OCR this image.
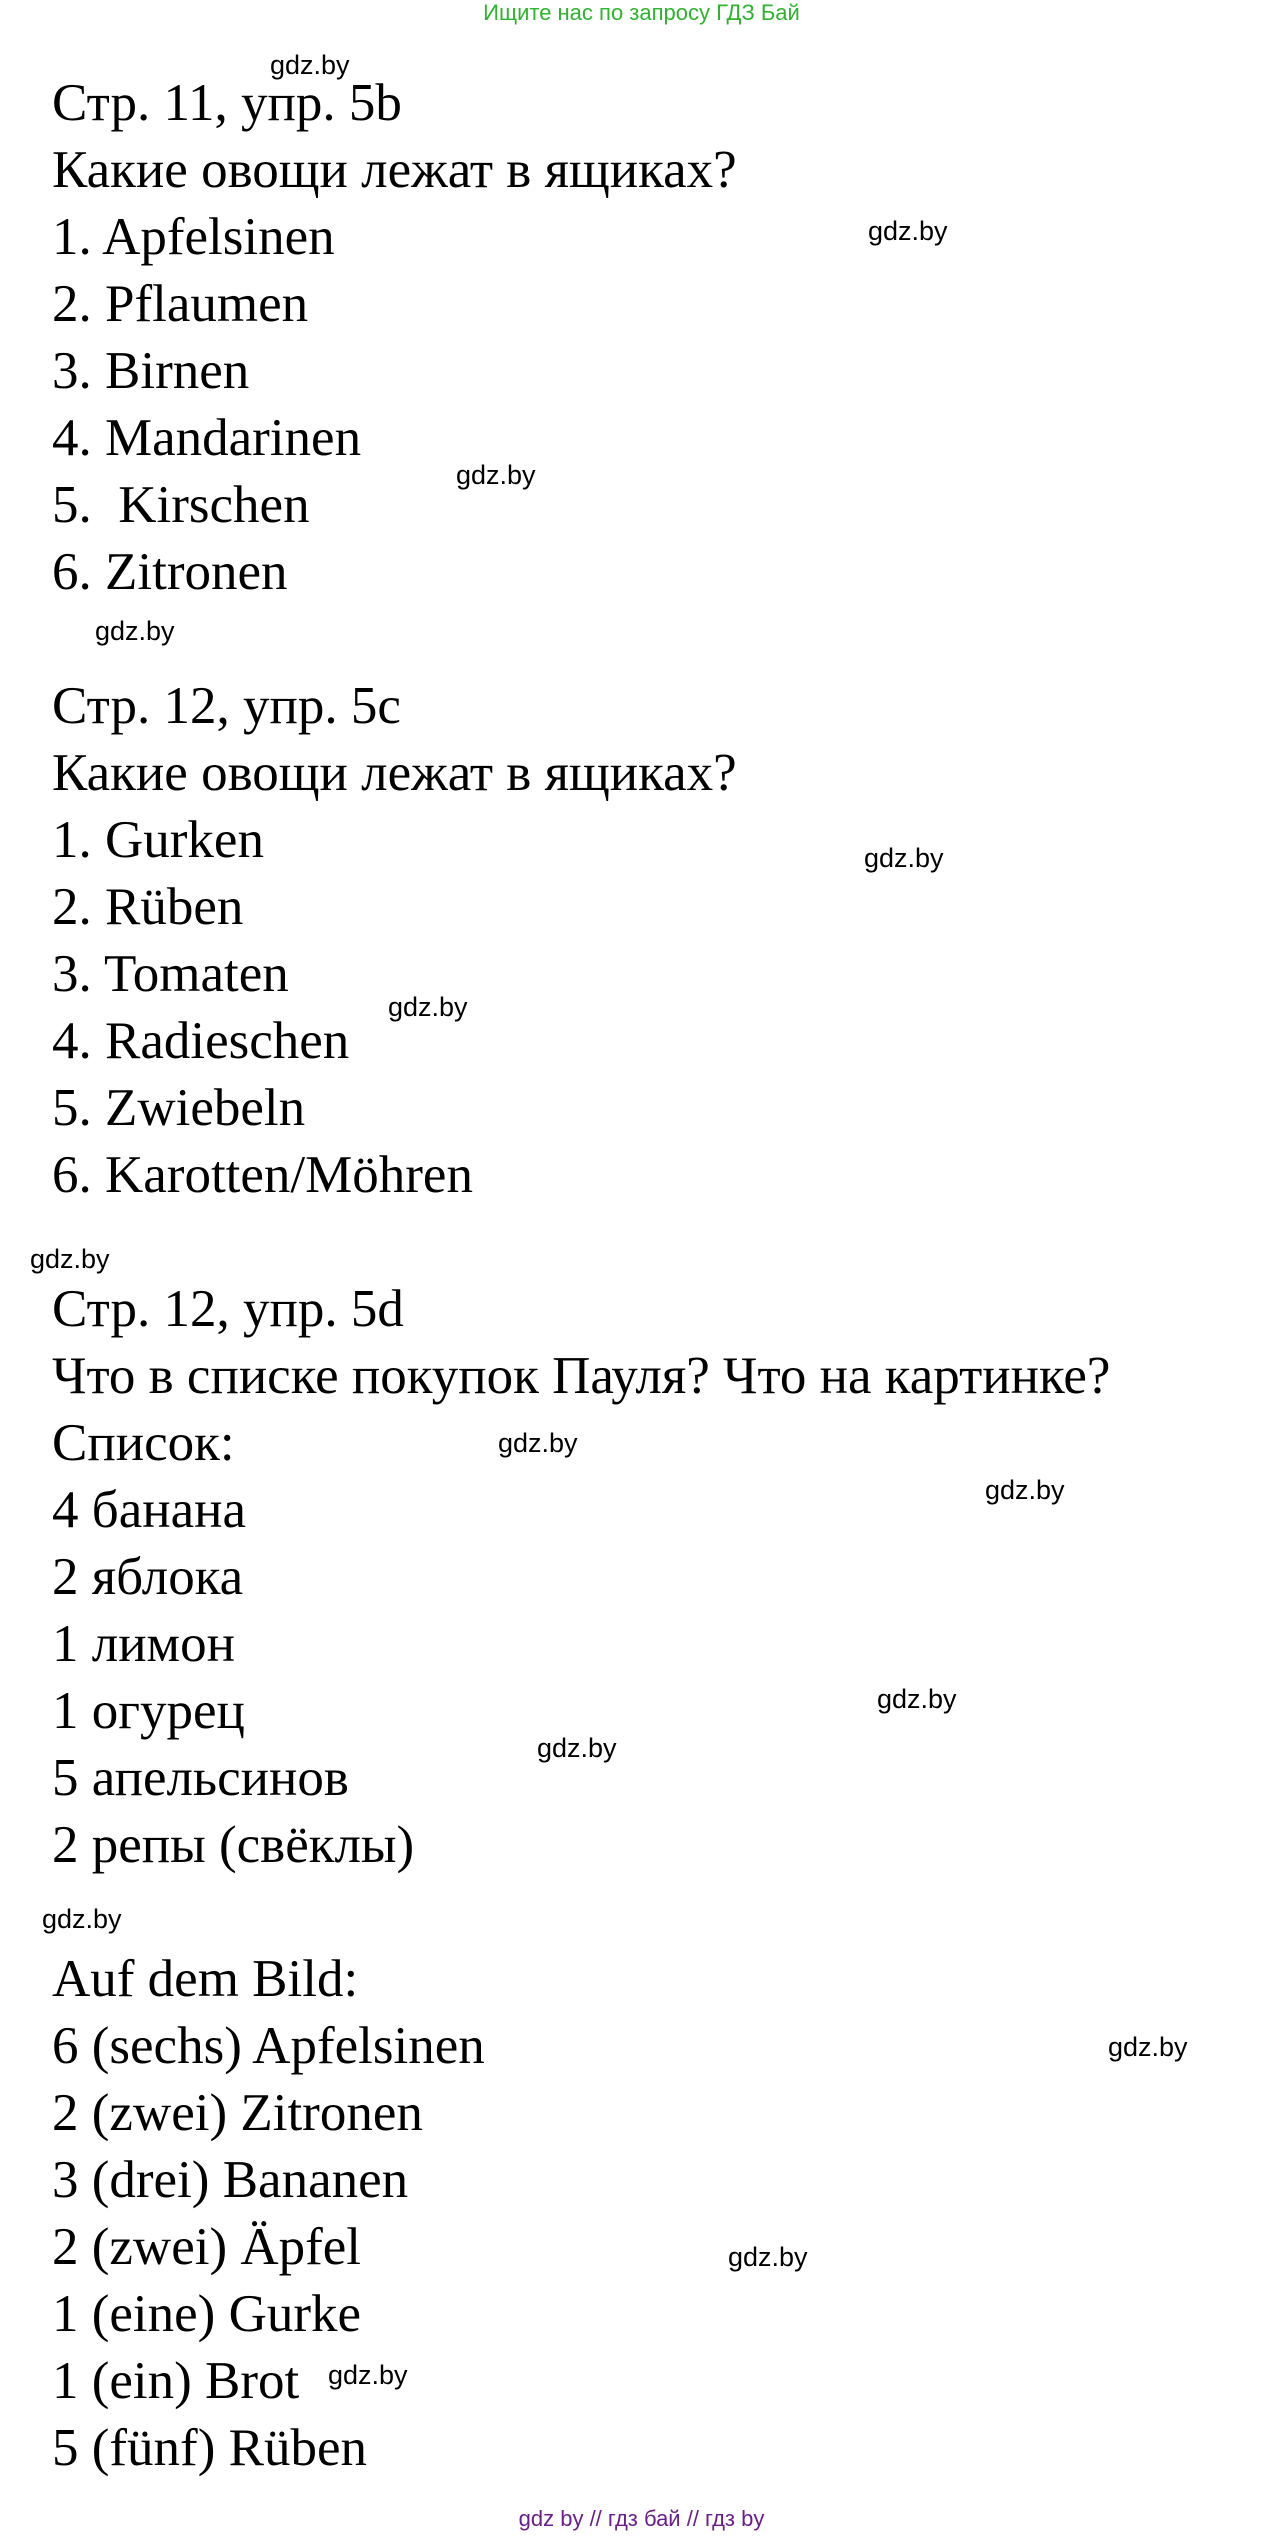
Ищите нас по запросу ГДЗ Бай

Стр. 11, упр. 5b

Какие овощи лежат в ящиках?

1. Apfelsinen

2. Pflaumen

3. Birnen

4. Mandarinen

5.  Kirschen

6. Zitronen

Стр. 12, упр. 5c

Какие овощи лежат в ящиках?

1. Gurken

2. Rüben

3. Tomaten

4. Radieschen

5. Zwiebeln

6. Karotten/Möhren

Стр. 12, упр. 5d

Что в списке покупок Пауля? Что на картинке?

Список:

4 банана

2 яблока

1 лимон

1 огурец

5 апельсинов

2 репы (свёклы)

Auf dem Bild:

6 (sechs) Apfelsinen

2 (zwei) Zitronen

3 (drei) Bananen

2 (zwei) Äpfel

1 (eine) Gurke

1 (ein) Brot

5 (fünf) Rüben

gdz.by
gdz.by
gdz.by
gdz.by
gdz.by
gdz.by
gdz.by
gdz.by
gdz.by
gdz.by
gdz.by
gdz.by
gdz.by
gdz.by
gdz.by
gdz by // гдз бай // гдз by
